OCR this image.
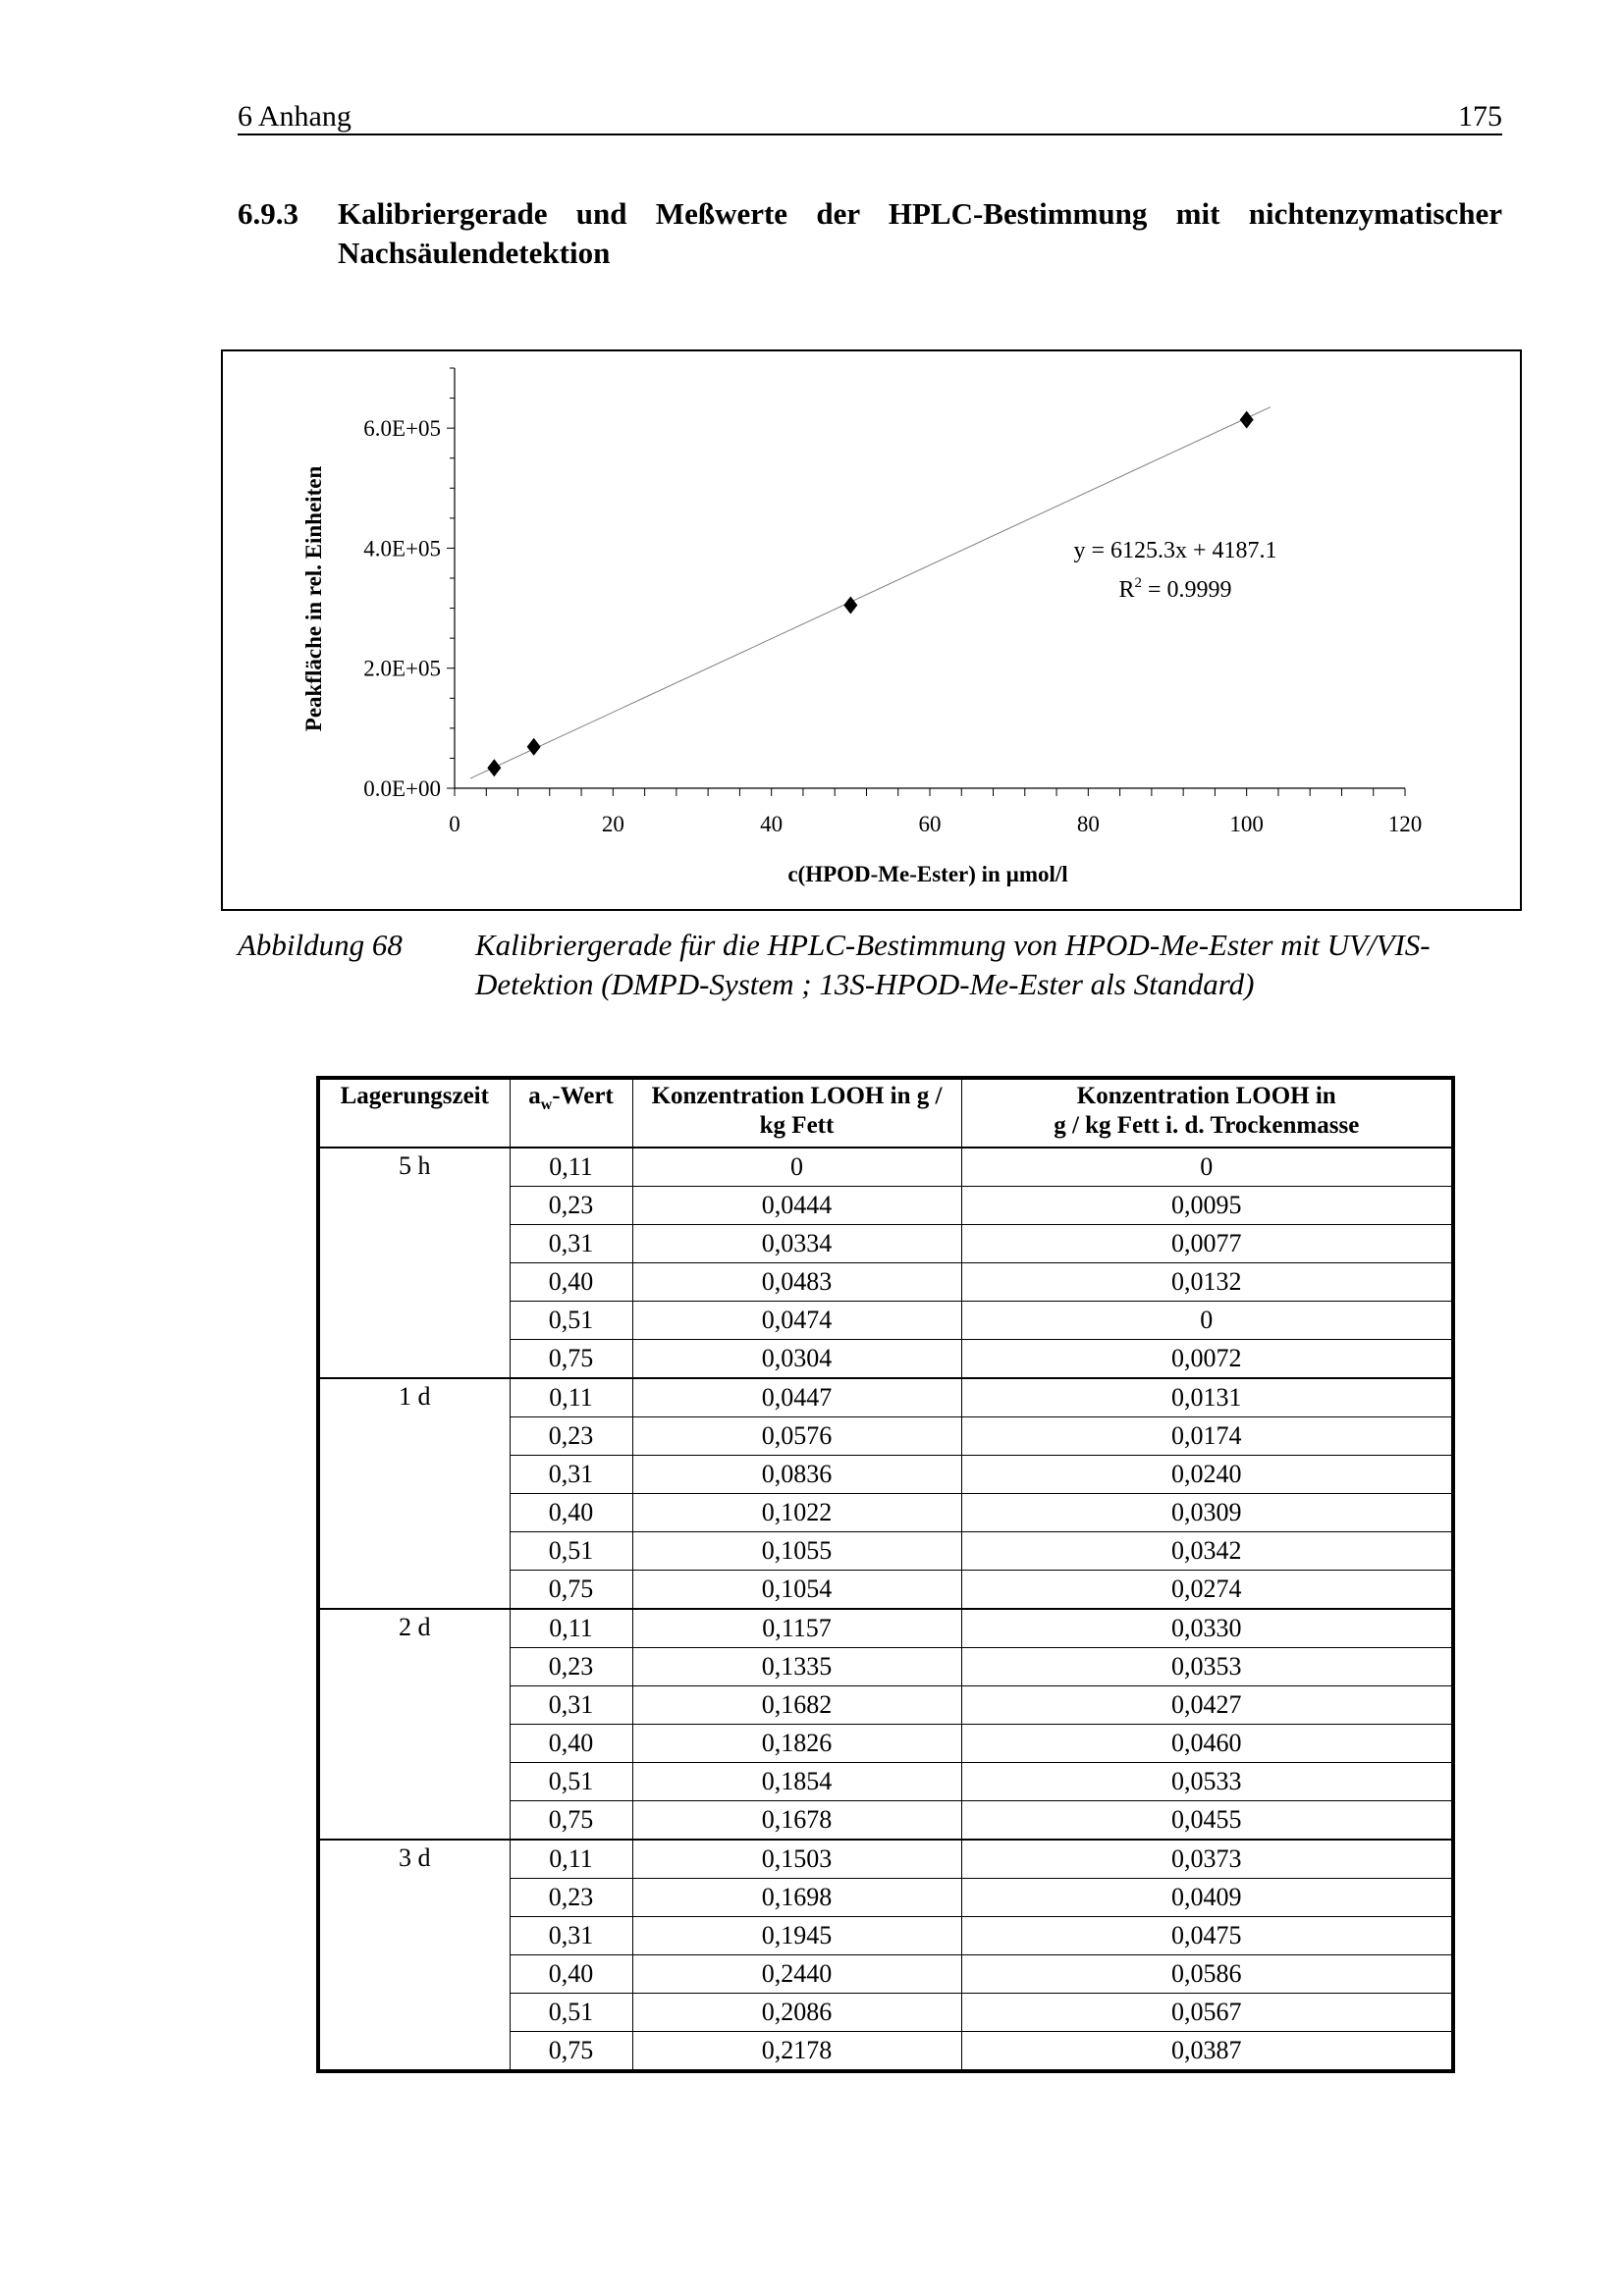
6 Anhang	175
6.9.3 Kalibriergerade und Meßwerte der HPLC-Bestimmung mit nichtenzymatischer Nachsäulendetektion
0.0E+00
2.0E+05
4.0E+05
6.0E+05
0	20	40	60	80	100	120
c(HPOD-Me-Ester) in µmol/l
Peakfläche in rel. Einheiten	y = 6125.3x + 4187.1
$R^2 = 0.9999$
Abbildung 68 Kalibriergerade für die HPLC-Bestimmung von HPOD-Me-Ester mit UV/VIS-Detektion (DMPD-System ; 13S-HPOD-Me-Ester als Standard)
Lagerungszeit	$a_w$-Wert	Konzentration LOOH in g / kg Fett	Konzentration LOOH in
g / kg Fett i. d. Trockenmasse
5 h	0,11	0	0
	0,23	0,0444	0,0095
	0,31	0,0334	0,0077
	0,40	0,0483	0,0132
	0,51	0,0474	0
	0,75	0,0304	0,0072
1 d	0,11	0,0447	0,0131
	0,23	0,0576	0,0174
	0,31	0,0836	0,0240
	0,40	0,1022	0,0309
	0,51	0,1055	0,0342
	0,75	0,1054	0,0274
2 d	0,11	0,1157	0,0330
	0,23	0,1335	0,0353
	0,31	0,1682	0,0427
	0,40	0,1826	0,0460
	0,51	0,1854	0,0533
	0,75	0,1678	0,0455
3 d	0,11	0,1503	0,0373
	0,23	0,1698	0,0409
	0,31	0,1945	0,0475
	0,40	0,2440	0,0586
	0,51	0,2086	0,0567
	0,75	0,2178	0,0387
